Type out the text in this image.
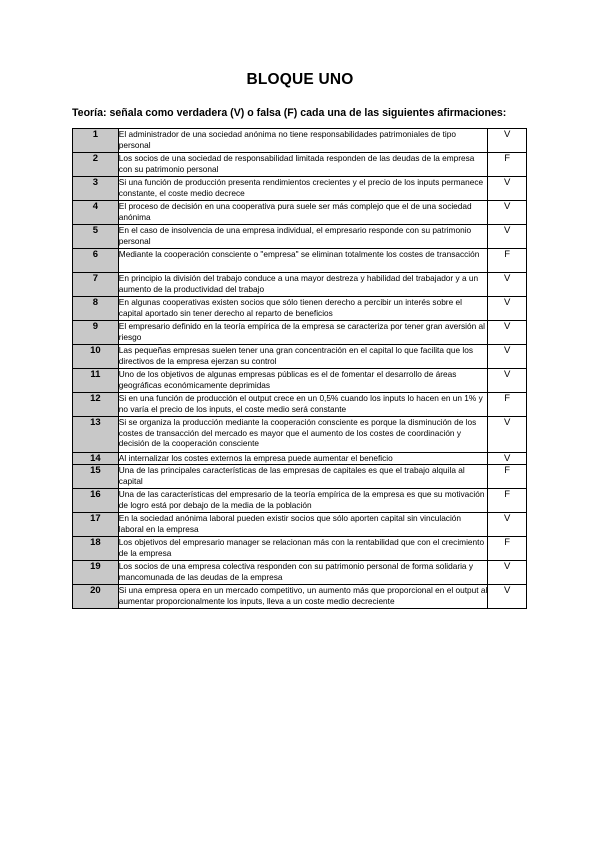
BLOQUE UNO
Teoría: señala como verdadera (V) o falsa (F) cada una de las siguientes afirmaciones:
1	El administrador de una sociedad anónima no tiene responsabilidades patrimoniales de tipo personal	V
2	Los socios de una sociedad de responsabilidad limitada responden de las deudas de la empresa con su patrimonio personal	F
3	Si una función de producción presenta rendimientos crecientes y el precio de los inputs permanece constante, el coste medio decrece	V
4	El proceso de decisión en una cooperativa pura suele ser más complejo que el de una sociedad anónima	V
5	En el caso de insolvencia de una empresa individual, el empresario responde con su patrimonio personal	V
6	Mediante la cooperación consciente o "empresa" se eliminan totalmente los costes de transacción	F
7	En principio la división del trabajo conduce a una mayor destreza y habilidad del trabajador y a un aumento de la productividad del trabajo	V
8	En algunas cooperativas existen socios que sólo tienen derecho a percibir un interés sobre el capital aportado sin tener derecho al reparto de beneficios	V
9	El empresario definido en la teoría empírica de la empresa se caracteriza por tener gran aversión al riesgo	V
10	Las pequeñas empresas suelen tener una gran concentración en el capital lo que facilita que los directivos de la empresa ejerzan su control	V
11	Uno de los objetivos de algunas empresas públicas es el de fomentar el desarrollo de áreas geográficas económicamente deprimidas	V
12	Si en una función de producción el output crece en un 0,5% cuando los inputs lo hacen en un 1% y no varía el precio de los inputs, el coste medio será constante	F
13	Si se organiza la producción mediante la cooperación consciente es porque la disminución de los costes de transacción del mercado es mayor que el aumento de los costes de coordinación y decisión de la cooperación consciente	V
14	Al internalizar los costes externos la empresa puede aumentar el beneficio	V
15	Una de las principales características de las empresas de capitales es que el trabajo alquila al capital	F
16	Una de las características del empresario de la teoría empírica de la empresa es que su motivación de logro está por debajo de la media de la población	F
17	En la sociedad anónima laboral pueden existir socios que sólo aporten capital sin vinculación laboral en la empresa	V
18	Los objetivos del empresario manager se relacionan más con la rentabilidad que con el crecimiento de la empresa	F
19	Los socios de una empresa colectiva responden con su patrimonio personal de forma solidaria y mancomunada de las deudas de la empresa	V
20	Si una empresa opera en un mercado competitivo, un aumento más que proporcional en el output al aumentar proporcionalmente los inputs, lleva a un coste medio decreciente	V
